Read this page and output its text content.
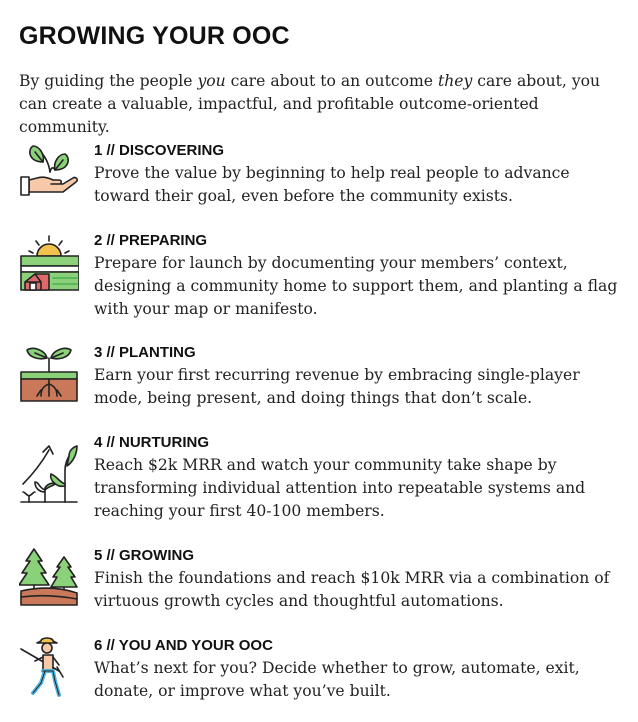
GROWING YOUR OOC

By guiding the people you care about to an outcome they care about, you can create a valuable, impactful, and profitable outcome-oriented community.

1 // DISCOVERING

Prove the value by beginning to help real people to advance toward their goal, even before the community exists.

2 // PREPARING

Prepare for launch by documenting your members’ context, designing a community home to support them, and planting a flag with your map or manifesto.

3 // PLANTING

Earn your first recurring revenue by embracing single-player mode, being present, and doing things that don’t scale.

4 // NURTURING

Reach $2k MRR and watch your community take shape by transforming individual attention into repeatable systems and reaching your first 40-100 members.

5 // GROWING

Finish the foundations and reach $10k MRR via a combination of virtuous growth cycles and thoughtful automations.

6 // YOU AND YOUR OOC

What’s next for you? Decide whether to grow, automate, exit, donate, or improve what you’ve built.
